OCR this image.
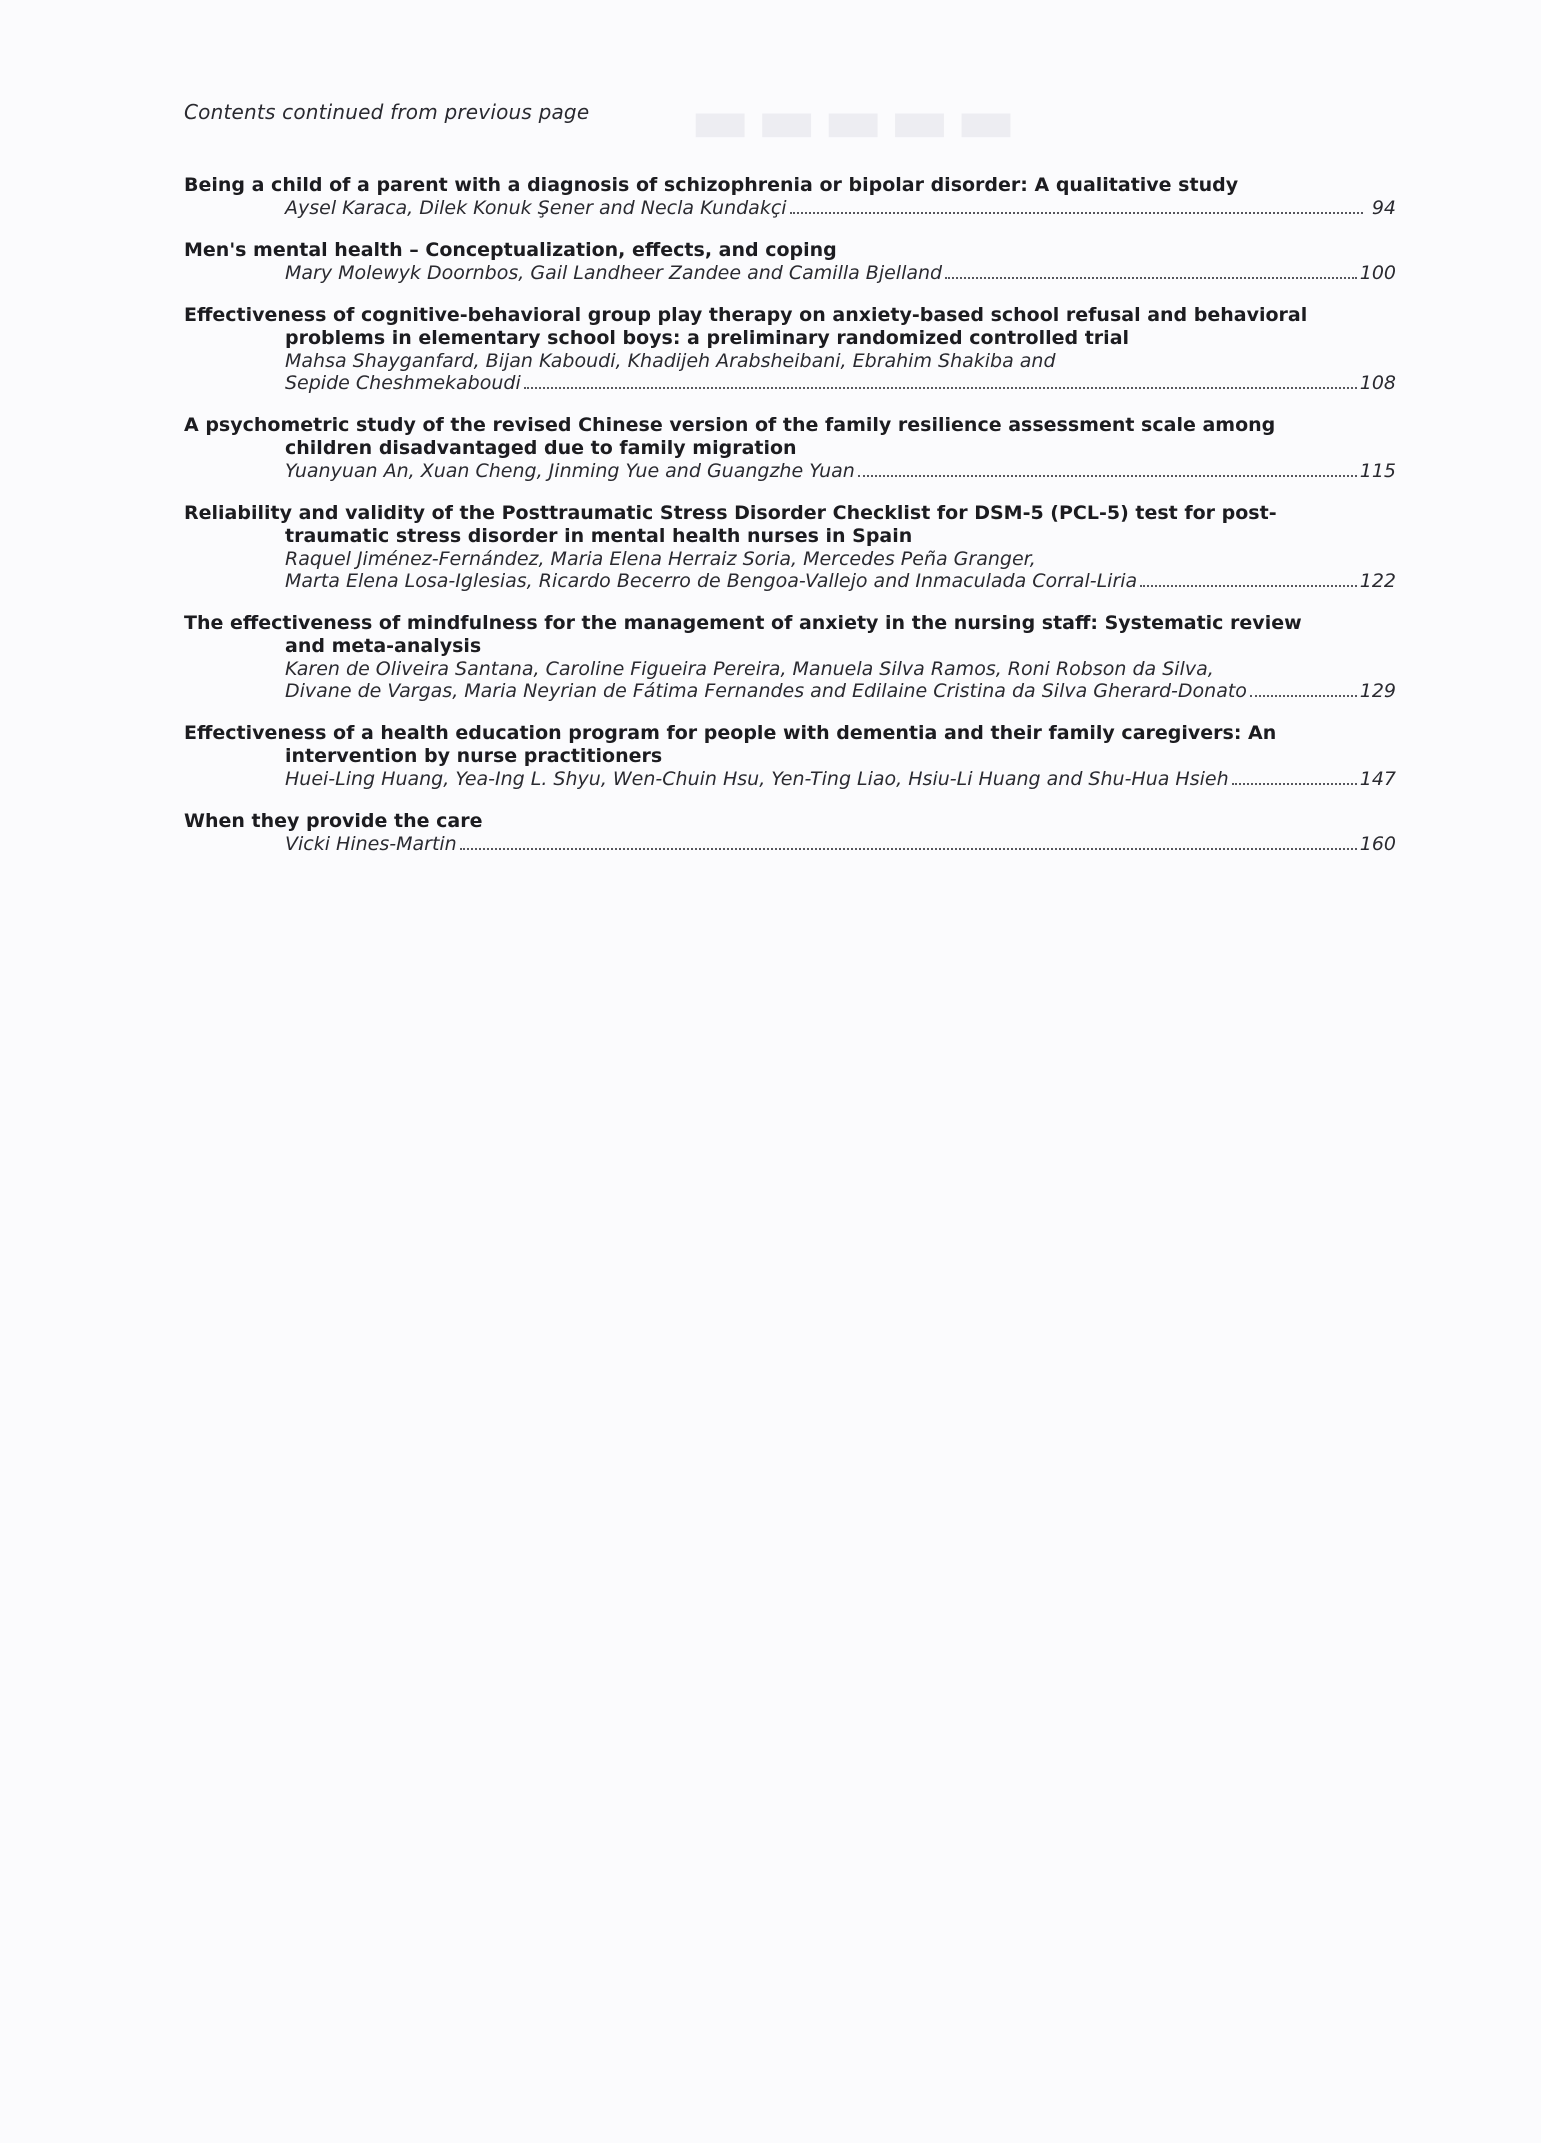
▬▬▬▬▬
Contents continued from previous page
Being a child of a parent with a diagnosis of schizophrenia or bipolar disorder: A qualitative study
Aysel Karaca, Dilek Konuk Şener and Necla Kundakçi	94
Men's mental health – Conceptualization, effects, and coping
Mary Molewyk Doornbos, Gail Landheer Zandee and Camilla Bjelland	100
Effectiveness of cognitive-behavioral group play therapy on anxiety-based school refusal and behavioral
problems in elementary school boys: a preliminary randomized controlled trial
Mahsa Shayganfard, Bijan Kaboudi, Khadijeh Arabsheibani, Ebrahim Shakiba and
Sepide Cheshmekaboudi	108
A psychometric study of the revised Chinese version of the family resilience assessment scale among
children disadvantaged due to family migration
Yuanyuan An, Xuan Cheng, Jinming Yue and Guangzhe Yuan	115
Reliability and validity of the Posttraumatic Stress Disorder Checklist for DSM-5 (PCL-5) test for post-
traumatic stress disorder in mental health nurses in Spain
Raquel Jiménez-Fernández, Maria Elena Herraiz Soria, Mercedes Peña Granger,
Marta Elena Losa-Iglesias, Ricardo Becerro de Bengoa-Vallejo and Inmaculada Corral-Liria	122
The effectiveness of mindfulness for the management of anxiety in the nursing staff: Systematic review
and meta-analysis
Karen de Oliveira Santana, Caroline Figueira Pereira, Manuela Silva Ramos, Roni Robson da Silva,
Divane de Vargas, Maria Neyrian de Fátima Fernandes and Edilaine Cristina da Silva Gherard-Donato	129
Effectiveness of a health education program for people with dementia and their family caregivers: An
intervention by nurse practitioners
Huei-Ling Huang, Yea-Ing L. Shyu, Wen-Chuin Hsu, Yen-Ting Liao, Hsiu-Li Huang and Shu-Hua Hsieh	147
When they provide the care
Vicki Hines-Martin	160
